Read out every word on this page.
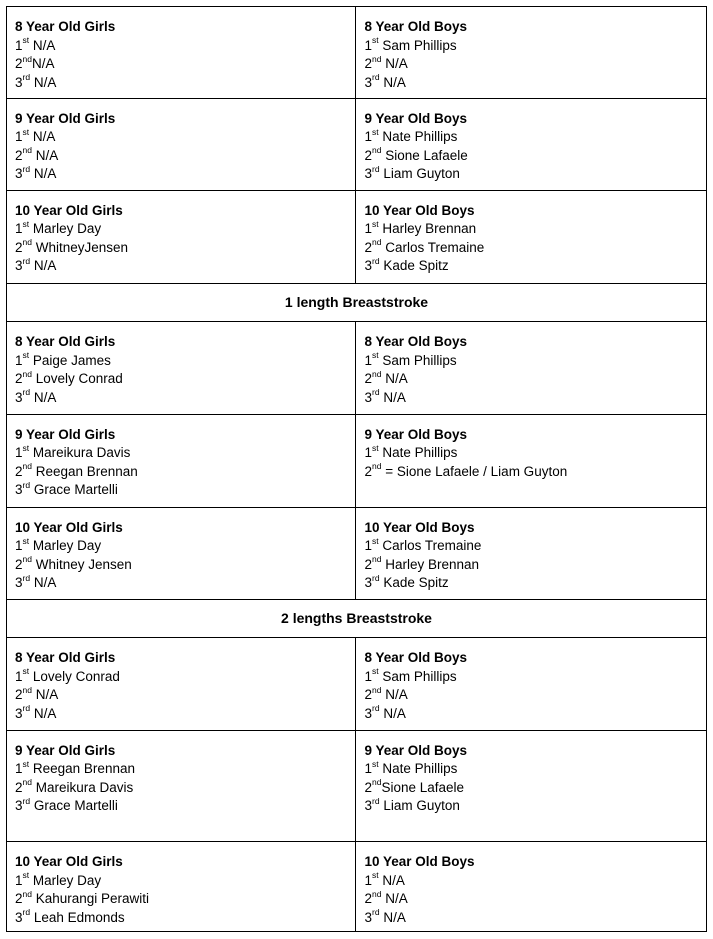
8 Year Old Girls
1st N/A
2ndN/A
3rd N/A	8 Year Old Boys
1st Sam Phillips
2nd N/A
3rd N/A

9 Year Old Girls
1st N/A
2nd N/A
3rd N/A	9 Year Old Boys
1st Nate Phillips
2nd Sione Lafaele
3rd Liam Guyton

10 Year Old Girls
1st Marley Day
2nd WhitneyJensen
3rd N/A	10 Year Old Boys
1st Harley Brennan
2nd Carlos Tremaine
3rd Kade Spitz

1 length Breaststroke	

8 Year Old Girls
1st Paige James
2nd Lovely Conrad
3rd N/A	8 Year Old Boys
1st Sam Phillips
2nd N/A
3rd N/A

9 Year Old Girls
1st Mareikura Davis
2nd Reegan Brennan
3rd Grace Martelli	9 Year Old Boys
1st Nate Phillips
2nd = Sione Lafaele / Liam Guyton

10 Year Old Girls
1st Marley Day
2nd Whitney Jensen
3rd N/A	10 Year Old Boys
1st Carlos Tremaine
2nd Harley Brennan
3rd Kade Spitz

2 lengths Breaststroke	

8 Year Old Girls
1st Lovely Conrad
2nd N/A
3rd N/A	8 Year Old Boys
1st Sam Phillips
2nd N/A
3rd N/A

9 Year Old Girls
1st Reegan Brennan
2nd Mareikura Davis
3rd Grace Martelli	9 Year Old Boys
1st Nate Phillips
2ndSione Lafaele
3rd Liam Guyton

10 Year Old Girls
1st Marley Day
2nd Kahurangi Perawiti
3rd Leah Edmonds	10 Year Old Boys
1st N/A
2nd N/A
3rd N/A
